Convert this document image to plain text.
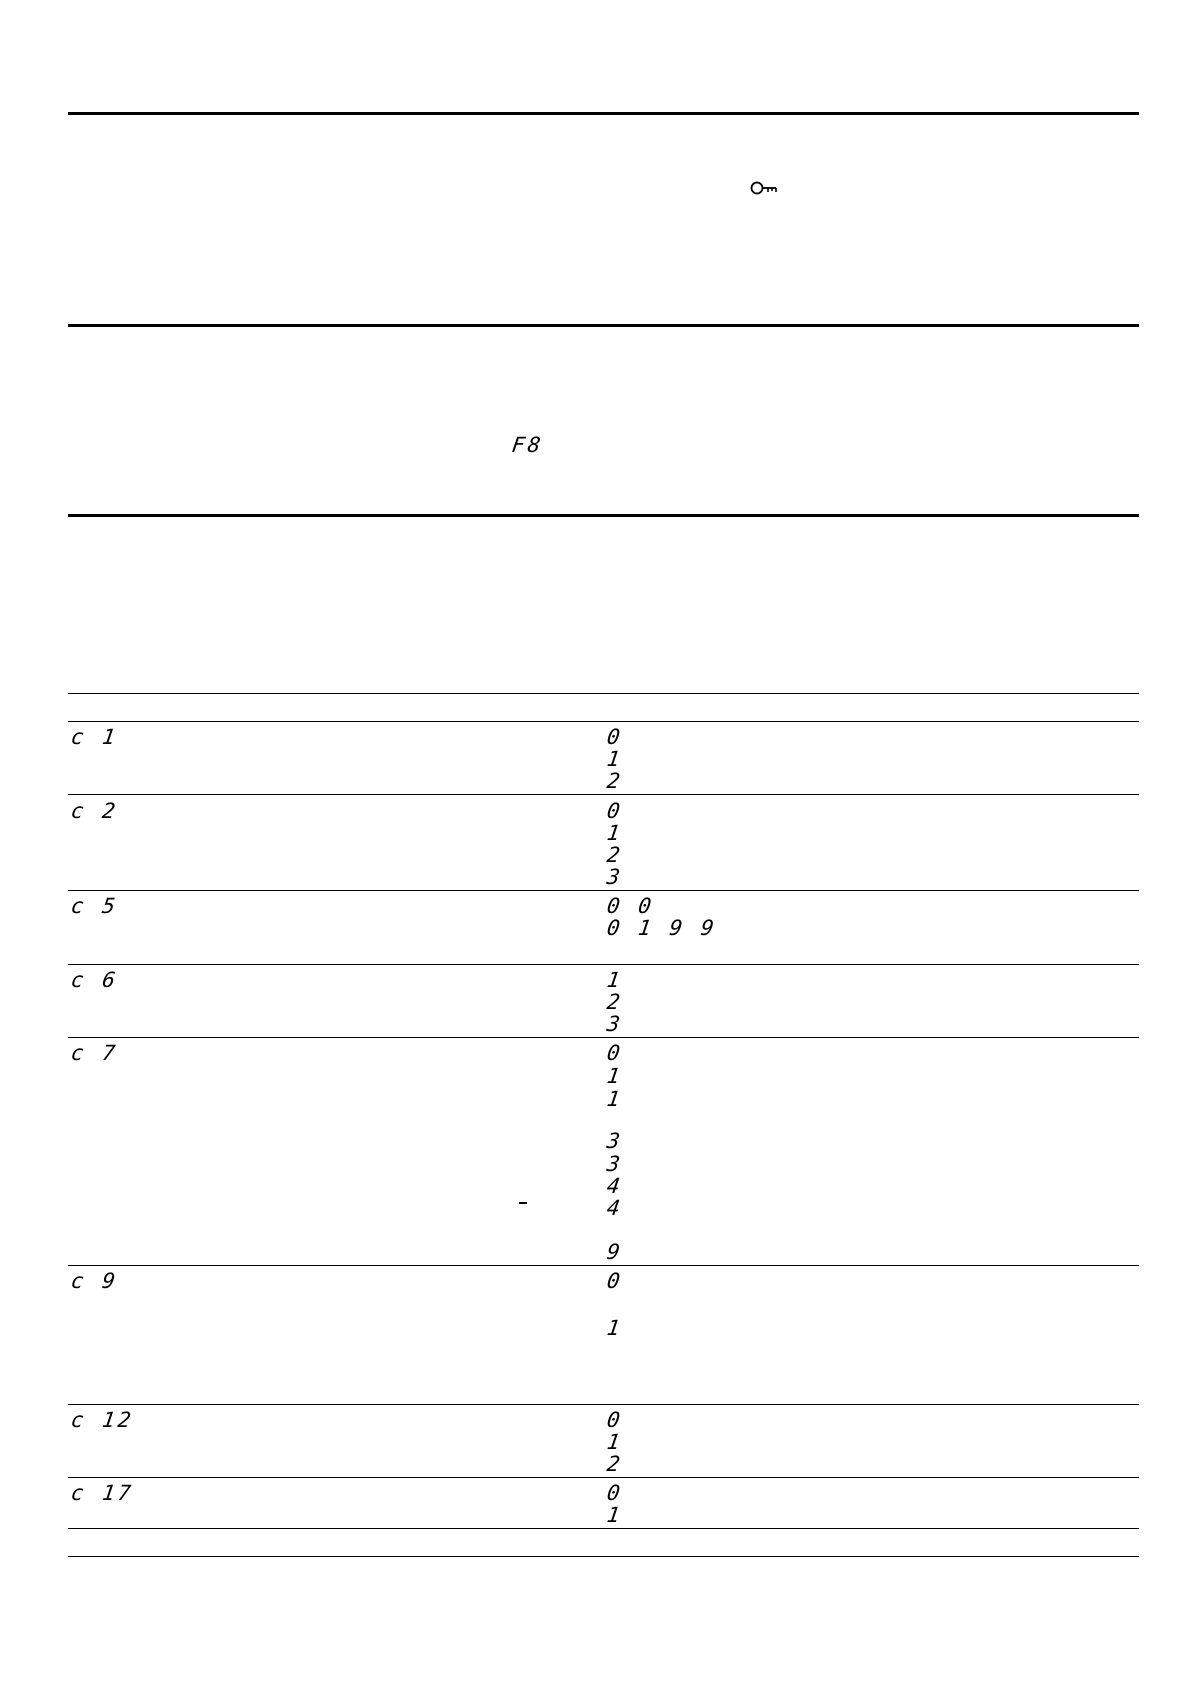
F8
c 1	0
1
2
c 2	0
1
2
3
c 5	0 0
0 1 9 9
c 6	1
2
3
c 7	0
1
1
3
3
4
4
9
c 9	0
1
c 12	0
1
2
c 17	0
1
